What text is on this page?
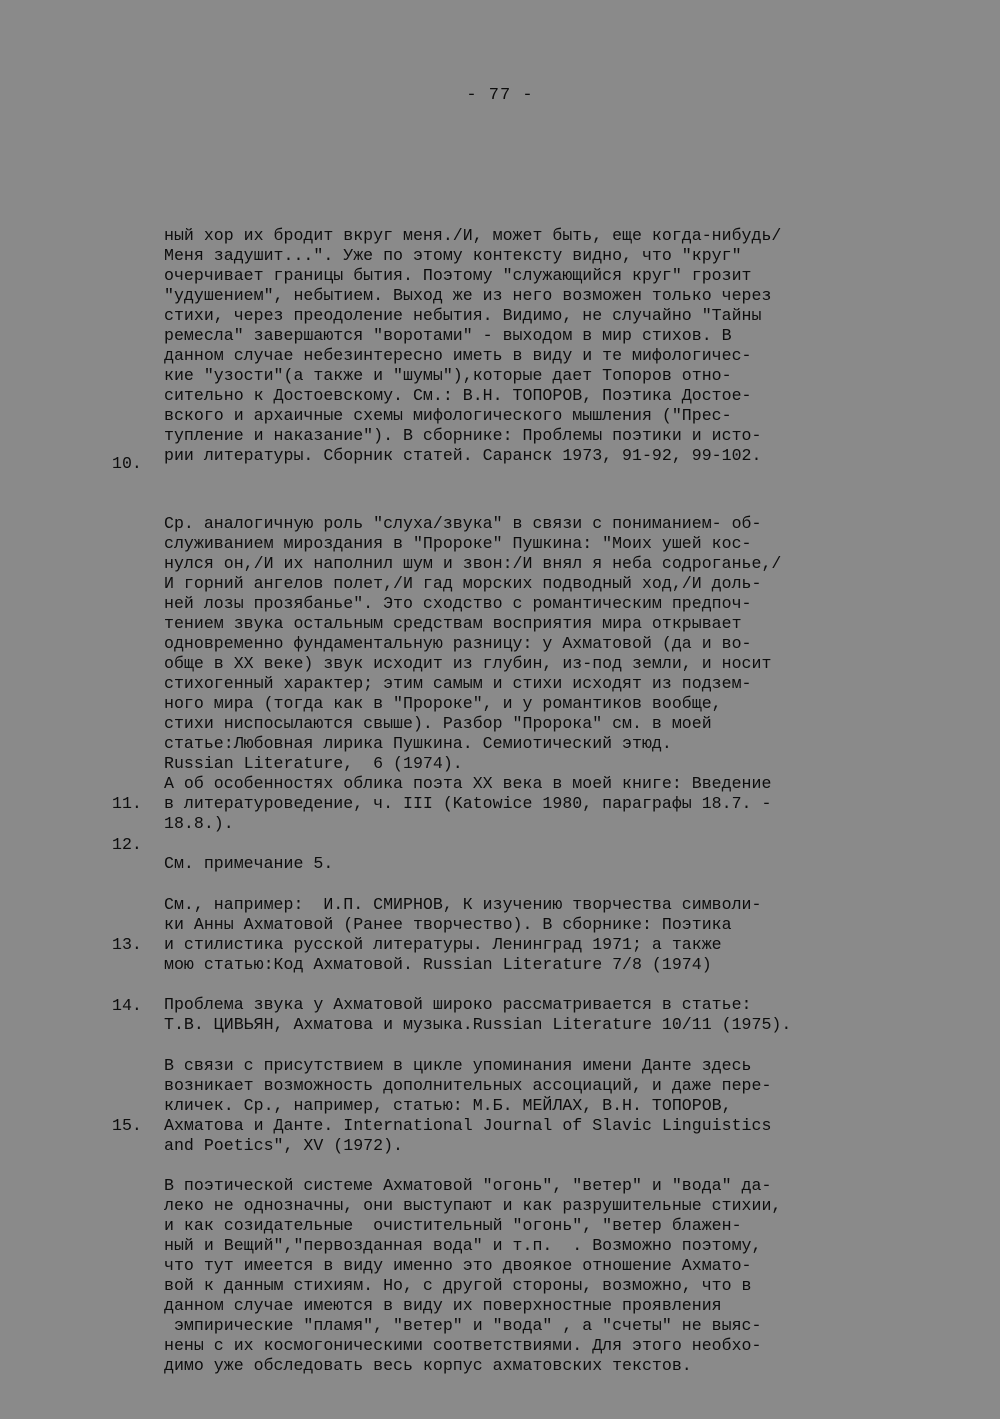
- 77 -

ный хор их бродит вкруг меня./И, может быть, еще когда-нибудь/
Меня задушит...". Уже по этому контексту видно, что "круг"
очерчивает границы бытия. Поэтому "служающийся круг" грозит
"удушением", небытием. Выход же из него возможен только через
стихи, через преодоление небытия. Видимо, не случайно "Тайны
ремесла" завершаются "воротами" - выходом в мир стихов. В
данном случае небезинтересно иметь в виду и те мифологичес-
кие "узости"(а также и "шумы"),которые дает Топоров отно-
сительно к Достоевскому. См.: В.Н. ТОПОРОВ, Поэтика Достое-
вского и архаичные схемы мифологического мышления ("Прес-
тупление и наказание"). В сборнике: Проблемы поэтики и исто-
рии литературы. Сборник статей. Саранск 1973, 91-92, 99-102.

10.

Ср. аналогичную роль "слуха/звука" в связи с пониманием- об-
служиванием мироздания в "Пророке" Пушкина: "Моих ушей кос-
нулся он,/И их наполнил шум и звон:/И внял я неба содроганье,/
И горний ангелов полет,/И гад морских подводный ход,/И доль-
ней лозы прозябанье". Это сходство с романтическим предпоч-
тением звука остальным средствам восприятия мира открывает
одновременно фундаментальную разницу: у Ахматовой (да и во-
обще в XX веке) звук исходит из глубин, из-под земли, и носит
стихогенный характер; этим самым и стихи исходят из подзем-
ного мира (тогда как в "Пророке", и у романтиков вообще,
стихи ниспосылаются свыше). Разбор "Пророка" см. в моей
статье:Любовная лирика Пушкина. Семиотический этюд.
Russian Literature,  6 (1974).
А об особенностях облика поэта XX века в моей книге: Введение
в литературоведение, ч. III (Katowice 1980, параграфы 18.7. -
18.8.).

11.

См. примечание 5.

12.

См., например:  И.П. СМИРНОВ, К изучению творчества символи-
ки Анны Ахматовой (Ранее творчество). В сборнике: Поэтика
и стилистика русской литературы. Ленинград 1971; а также
мою статью:Код Ахматовой. Russian Literature 7/8 (1974)

13.

Проблема звука у Ахматовой широко рассматривается в статье:
Т.В. ЦИВЬЯН, Ахматова и музыка.Russian Literature 10/11 (1975).

14.

В связи с присутствием в цикле упоминания имени Данте здесь
возникает возможность дополнительных ассоциаций, и даже пере-
кличек. Ср., например, статью: М.Б. МЕЙЛАХ, В.Н. ТОПОРОВ,
Ахматова и Данте. International Journal of Slavic Linguistics
and Poetics", XV (1972).

15.

В поэтической системе Ахматовой "огонь", "ветер" и "вода" да-
леко не однозначны, они выступают и как разрушительные стихии,
и как созидательные  очистительный "огонь", "ветер блажен-
ный и Вещий","первозданная вода" и т.п.  . Возможно поэтому,
что тут имеется в виду именно это двоякое отношение Ахмато-
вой к данным стихиям. Но, с другой стороны, возможно, что в
данном случае имеются в виду их поверхностные проявления
эмпирические "пламя", "ветер" и "вода" , а "счеты" не выяс-
нены с их космогоническими соответствиями. Для этого необхо-
димо уже обследовать весь корпус ахматовских текстов.
